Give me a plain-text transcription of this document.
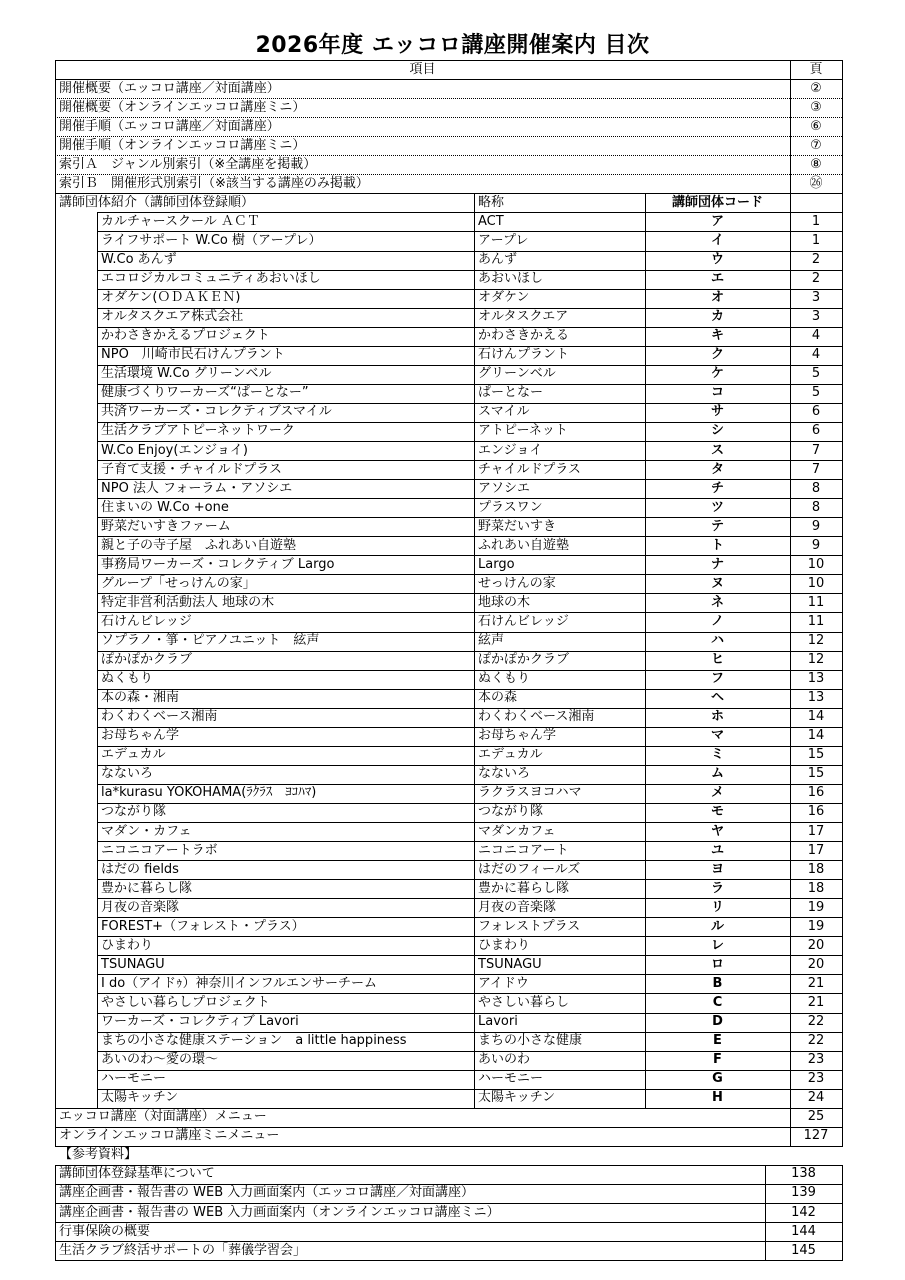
2026年度 エッコロ講座開催案内 目次
項目	頁
開催概要（エッコロ講座／対面講座）	②
開催概要（オンラインエッコロ講座ミニ）	③
開催手順（エッコロ講座／対面講座）	⑥
開催手順（オンラインエッコロ講座ミニ）	⑦
索引Ａ　ジャンル別索引（※全講座を掲載）	⑧
索引Ｂ　開催形式別索引（※該当する講座のみ掲載）	㉖
講師団体紹介（講師団体登録順）	略称	講師団体コード
カルチャースクール ＡＣＴ	ACT	ア	1
ライフサポート W.Co 樹（アープレ）	アープレ	イ	1
W.Co あんず	あんず	ウ	2
エコロジカルコミュニティあおいほし	あおいほし	エ	2
オダケン(ＯＤＡＫＥＮ)	オダケン	オ	3
オルタスクエア株式会社	オルタスクエア	カ	3
かわさきかえるプロジェクト	かわさきかえる	キ	4
NPO　川崎市民石けんプラント	石けんプラント	ク	4
生活環境 W.Co グリーンベル	グリーンベル	ケ	5
健康づくりワーカーズ“ぱーとなー”	ぱーとなー	コ	5
共済ワーカーズ・コレクティブスマイル	スマイル	サ	6
生活クラブアトピーネットワーク	アトピーネット	シ	6
W.Co Enjoy(エンジョイ)	エンジョイ	ス	7
子育て支援・チャイルドプラス	チャイルドプラス	タ	7
NPO 法人 フォーラム・アソシエ	アソシエ	チ	8
住まいの W.Co +one	プラスワン	ツ	8
野菜だいすきファーム	野菜だいすき	テ	9
親と子の寺子屋　ふれあい自遊塾	ふれあい自遊塾	ト	9
事務局ワーカーズ・コレクティブ Largo	Largo	ナ	10
グループ「せっけんの家」	せっけんの家	ヌ	10
特定非営利活動法人 地球の木	地球の木	ネ	11
石けんビレッジ	石けんビレッジ	ノ	11
ソプラノ・箏・ピアノユニット　絃声	絃声	ハ	12
ぽかぽかクラブ	ぽかぽかクラブ	ヒ	12
ぬくもり	ぬくもり	フ	13
本の森・湘南	本の森	ヘ	13
わくわくベース湘南	わくわくベース湘南	ホ	14
お母ちゃん学	お母ちゃん学	マ	14
エデュカル	エデュカル	ミ	15
なないろ	なないろ	ム	15
la*kurasu YOKOHAMA(ﾗｸﾗｽ　ﾖｺﾊﾏ)	ラクラスヨコハマ	メ	16
つながり隊	つながり隊	モ	16
マダン・カフェ	マダンカフェ	ヤ	17
ニコニコアートラボ	ニコニコアート	ユ	17
はだの fields	はだのフィールズ	ヨ	18
豊かに暮らし隊	豊かに暮らし隊	ラ	18
月夜の音楽隊	月夜の音楽隊	リ	19
FOREST+（フォレスト・プラス）	フォレストプラス	ル	19
ひまわり	ひまわり	レ	20
TSUNAGU	TSUNAGU	ロ	20
I do（アイドｩ）神奈川インフルエンサーチーム	アイドウ	B	21
やさしい暮らしプロジェクト	やさしい暮らし	C	21
ワーカーズ・コレクティブ Lavori	Lavori	D	22
まちの小さな健康ステーション　a little happiness	まちの小さな健康	E	22
あいのわ～愛の環～	あいのわ	F	23
ハーモニー	ハーモニー	G	23
太陽キッチン	太陽キッチン	H	24
エッコロ講座（対面講座）メニュー	25
オンラインエッコロ講座ミニメニュー	127
【参考資料】
講師団体登録基準について	138
講座企画書・報告書の WEB 入力画面案内（エッコロ講座／対面講座）	139
講座企画書・報告書の WEB 入力画面案内（オンラインエッコロ講座ミニ）	142
行事保険の概要	144
生活クラブ終活サポートの「葬儀学習会」	145
